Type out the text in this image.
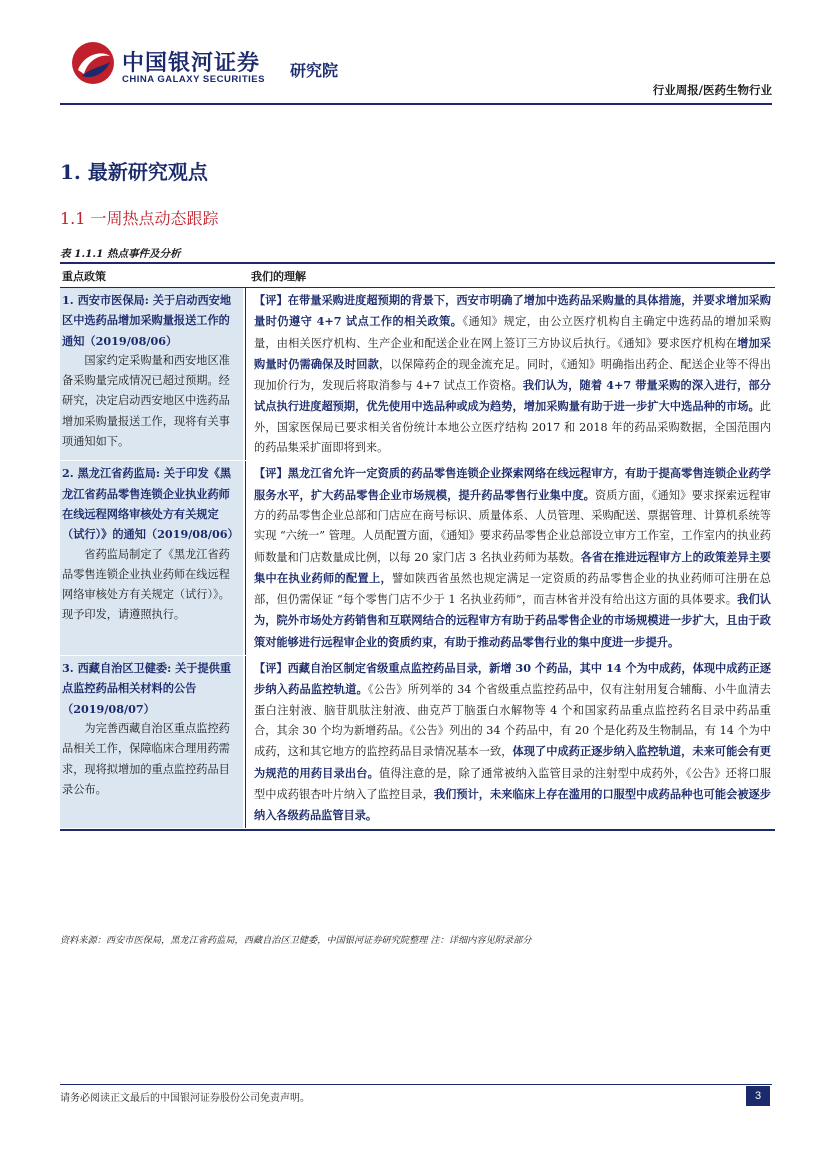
中国银河证券
CHINA GALAXY SECURITIES 研究院
行业周报/医药生物行业
1. 最新研究观点
1.1 一周热点动态跟踪
表 1.1.1 热点事件及分析
重点政策	我们的理解
1. 西安市医保局: 关于启动西安地区中选药品增加采购量报送工作的通知（2019/08/06）
国家约定采购量和西安地区准备采购量完成情况已超过预期。经研究，决定启动西安地区中选药品增加采购量报送工作，现将有关事项通知如下。
【评】在带量采购进度超预期的背景下，西安市明确了增加中选药品采购量的具体措施，并要求增加采购量时仍遵守 4+7 试点工作的相关政策。《通知》规定，由公立医疗机构自主确定中选药品的增加采购量，由相关医疗机构、生产企业和配送企业在网上签订三方协议后执行。《通知》要求医疗机构在增加采购量时仍需确保及时回款，以保障药企的现金流充足。同时，《通知》明确指出药企、配送企业等不得出现加价行为，发现后将取消参与 4+7 试点工作资格。我们认为，随着 4+7 带量采购的深入进行，部分试点执行进度超预期，优先使用中选品种或成为趋势，增加采购量有助于进一步扩大中选品种的市场。此外，国家医保局已要求相关省份统计本地公立医疗结构 2017 和 2018 年的药品采购数据，全国范围内的药品集采扩面即将到来。
2. 黑龙江省药监局: 关于印发《黑龙江省药品零售连锁企业执业药师在线远程网络审核处方有关规定（试行）》的通知（2019/08/06）
省药监局制定了《黑龙江省药品零售连锁企业执业药师在线远程网络审核处方有关规定（试行）》。现予印发，请遵照执行。
【评】黑龙江省允许一定资质的药品零售连锁企业探索网络在线远程审方，有助于提高零售连锁企业药学服务水平，扩大药品零售企业市场规模，提升药品零售行业集中度。资质方面，《通知》要求探索远程审方的药品零售企业总部和门店应在商号标识、质量体系、人员管理、采购配送、票据管理、计算机系统等实现 “六统一” 管理。人员配置方面，《通知》要求药品零售企业总部设立审方工作室，工作室内的执业药师数量和门店数量成比例，以每 20 家门店 3 名执业药师为基数。各省在推进远程审方上的政策差异主要集中在执业药师的配置上，譬如陕西省虽然也规定满足一定资质的药品零售企业的执业药师可注册在总部，但仍需保证 “每个零售门店不少于 1 名执业药师”，而吉林省并没有给出这方面的具体要求。我们认为，院外市场处方药销售和互联网结合的远程审方有助于药品零售企业的市场规模进一步扩大，且由于政策对能够进行远程审企业的资质约束，有助于推动药品零售行业的集中度进一步提升。
3. 西藏自治区卫健委: 关于提供重点监控药品相关材料的公告（2019/08/07）
为完善西藏自治区重点监控药品相关工作，保障临床合理用药需求，现将拟增加的重点监控药品目录公布。
【评】西藏自治区制定省级重点监控药品目录，新增 30 个药品，其中 14 个为中成药，体现中成药正逐步纳入药品监控轨道。《公告》所列举的 34 个省级重点监控药品中，仅有注射用复合辅酶、小牛血清去蛋白注射液、脑苷肌肽注射液、曲克芦丁脑蛋白水解物等 4 个和国家药品重点监控药名目录中药品重合，其余 30 个均为新增药品。《公告》列出的 34 个药品中，有 20 个是化药及生物制品，有 14 个为中成药，这和其它地方的监控药品目录情况基本一致，体现了中成药正逐步纳入监控轨道，未来可能会有更为规范的用药目录出台。值得注意的是，除了通常被纳入监管目录的注射型中成药外，《公告》还将口服型中成药银杏叶片纳入了监控目录，我们预计，未来临床上存在滥用的口服型中成药品种也可能会被逐步纳入各级药品监管目录。
资料来源：西安市医保局，黑龙江省药监局，西藏自治区卫健委，中国银河证券研究院整理 注：详细内容见附录部分
请务必阅读正文最后的中国银河证券股份公司免责声明。	3
